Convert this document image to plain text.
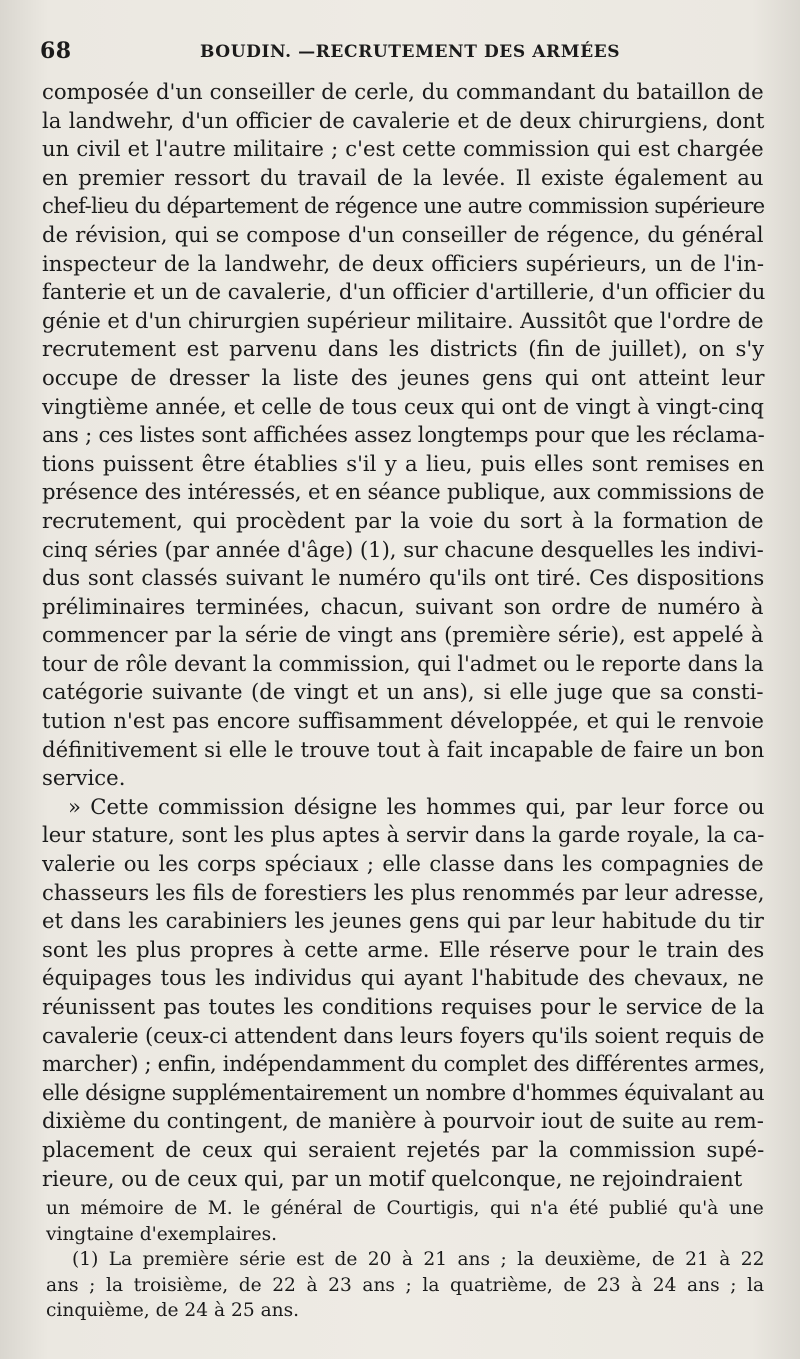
68	BOUDIN. —RECRUTEMENT DES ARMÉES
composée d'un conseiller de cerle, du commandant du bataillon de
la landwehr, d'un officier de cavalerie et de deux chirurgiens, dont
un civil et l'autre militaire ; c'est cette commission qui est chargée
en premier ressort du travail de la levée. Il existe également au
chef-lieu du département de régence une autre commission supérieure
de révision, qui se compose d'un conseiller de régence, du général
inspecteur de la landwehr, de deux officiers supérieurs, un de l'in-
fanterie et un de cavalerie, d'un officier d'artillerie, d'un officier du
génie et d'un chirurgien supérieur militaire. Aussitôt que l'ordre de
recrutement est parvenu dans les districts (fin de juillet), on s'y
occupe de dresser la liste des jeunes gens qui ont atteint leur
vingtième année, et celle de tous ceux qui ont de vingt à vingt-cinq
ans ; ces listes sont affichées assez longtemps pour que les réclama-
tions puissent être établies s'il y a lieu, puis elles sont remises en
présence des intéressés, et en séance publique, aux commissions de
recrutement, qui procèdent par la voie du sort à la formation de
cinq séries (par année d'âge) (1), sur chacune desquelles les indivi-
dus sont classés suivant le numéro qu'ils ont tiré. Ces dispositions
préliminaires terminées, chacun, suivant son ordre de numéro à
commencer par la série de vingt ans (première série), est appelé à
tour de rôle devant la commission, qui l'admet ou le reporte dans la
catégorie suivante (de vingt et un ans), si elle juge que sa consti-
tution n'est pas encore suffisamment développée, et qui le renvoie
définitivement si elle le trouve tout à fait incapable de faire un bon
service.
» Cette commission désigne les hommes qui, par leur force ou
leur stature, sont les plus aptes à servir dans la garde royale, la ca-
valerie ou les corps spéciaux ; elle classe dans les compagnies de
chasseurs les fils de forestiers les plus renommés par leur adresse,
et dans les carabiniers les jeunes gens qui par leur habitude du tir
sont les plus propres à cette arme. Elle réserve pour le train des
équipages tous les individus qui ayant l'habitude des chevaux, ne
réunissent pas toutes les conditions requises pour le service de la
cavalerie (ceux-ci attendent dans leurs foyers qu'ils soient requis de
marcher) ; enfin, indépendamment du complet des différentes armes,
elle désigne supplémentairement un nombre d'hommes équivalant au
dixième du contingent, de manière à pourvoir iout de suite au rem-
placement de ceux qui seraient rejetés par la commission supé-
rieure, ou de ceux qui, par un motif quelconque, ne rejoindraient
un mémoire de M. le général de Courtigis, qui n'a été publié qu'à une
vingtaine d'exemplaires.
(1) La première série est de 20 à 21 ans ; la deuxième, de 21 à 22
ans ; la troisième, de 22 à 23 ans ; la quatrième, de 23 à 24 ans ; la
cinquième, de 24 à 25 ans.
